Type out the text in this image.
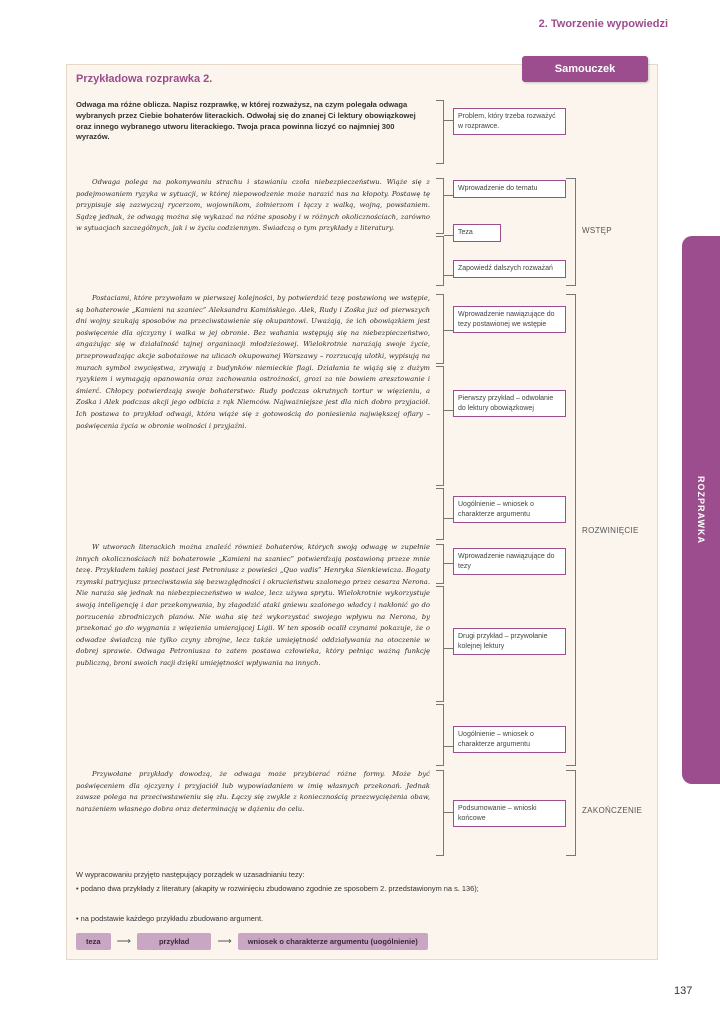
2. Tworzenie wypowiedzi
ROZPRAWKA
Samouczek
Przykładowa rozprawka 2.
Odwaga ma różne oblicza. Napisz rozprawkę, w której rozważysz, na czym polegała odwaga wybranych przez Ciebie bohaterów literackich. Odwołaj się do znanej Ci lektury obowiązkowej oraz innego wybranego utworu literackiego. Twoja praca powinna liczyć co najmniej 300 wyrazów.
Odwaga polega na pokonywaniu strachu i stawianiu czoła niebezpieczeństwu. Wiąże się z podejmowaniem ryzyka w sytuacji, w której niepowodzenie może narazić nas na kłopoty. Postawę tę przypisuje się zazwyczaj rycerzom, wojownikom, żołnierzom i łączy z walką, wojną, powstaniem. Sądzę jednak, że odwagą można się wykazać na różne sposoby i w różnych okolicznościach, zarówno w sytuacjach szczególnych, jak i w życiu codziennym. Świadczą o tym przykłady z literatury.
Postaciami, które przywołam w pierwszej kolejności, by potwierdzić tezę postawioną we wstępie, są bohaterowie „Kamieni na szaniec” Aleksandra Kamińskiego. Alek, Rudy i Zośka już od pierwszych dni wojny szukają sposobów na przeciwstawienie się okupantowi. Uważają, że ich obowiązkiem jest poświęcenie dla ojczyzny i walka w jej obronie. Bez wahania wstępują się na niebezpieczeństwo, angażując się w działalność tajnej organizacji młodzieżowej. Wielokrotnie narażają swoje życie, przeprowadzając akcje sabotażowe na ulicach okupowanej Warszawy – rozrzucają ulotki, wypisują na murach symbol zwycięstwa, zrywają z budynków niemieckie flagi. Działania te wiążą się z dużym ryzykiem i wymagają opanowania oraz zachowania ostrożności, grozi za nie bowiem aresztowanie i śmierć. Chłopcy potwierdzają swoje bohaterstwo: Rudy podczas okrutnych tortur w więzieniu, a Zośka i Alek podczas akcji jego odbicia z rąk Niemców. Najważniejsze jest dla nich dobro przyjaciół. Ich postawa to przykład odwagi, która wiąże się z gotowością do poniesienia największej ofiary – poświęcenia życia w obronie wolności i przyjaźni.
W utworach literackich można znaleźć również bohaterów, których swoją odwagę w zupełnie innych okolicznościach niż bohaterowie „Kamieni na szaniec” potwierdzają postawioną przeze mnie tezę. Przykładem takiej postaci jest Petroniusz z powieści „Quo vadis” Henryka Sienkiewicza. Bogaty rzymski patrycjusz przeciwstawia się bezwzględności i okrucieństwu szalonego przez cesarza Nerona. Nie naraża się jednak na niebezpieczeństwo w walce, lecz używa sprytu. Wielokrotnie wykorzystuje swoją inteligencję i dar przekonywania, by złagodzić ataki gniewu szalonego władcy i nakłonić go do porzucenia zbrodniczych planów. Nie waha się też wykorzystać swojego wpływu na Nerona, by przekonać go do wygnania z więzienia umierającej Ligii. W ten sposób ocalił czynami pokazuje, że o odwadze świadczą nie tylko czyny zbrojne, lecz także umiejętność oddziaływania na otoczenie w dobrej sprawie. Odwaga Petroniusza to zatem postawa człowieka, który pełniąc ważną funkcję publiczną, broni swoich racji dzięki umiejętności wpływania na innych.
Przywołane przykłady dowodzą, że odwaga może przybierać różne formy. Może być poświęceniem dla ojczyzny i przyjaciół lub wypowiadaniem w imię własnych przekonań. Jednak zawsze polega na przeciwstawieniu się złu. Łączy się zwykle z koniecznością przezwyciężenia obaw, narażeniem własnego dobra oraz determinacją w dążeniu do celu.
Problem, który trzeba rozważyć w rozprawce.
Wprowadzenie do tematu
Teza
Zapowiedź dalszych rozważań
Wprowadzenie nawiązujące do tezy postawionej we wstępie
Pierwszy przykład – odwołanie do lektury obowiązkowej
Uogólnienie – wniosek o charakterze argumentu
Wprowadzenie nawiązujące do tezy
Drugi przykład – przywołanie kolejnej lektury
Uogólnienie – wniosek o charakterze argumentu
Podsumowanie – wnioski końcowe
WSTĘP
ROZWINIĘCIE
ZAKOŃCZENIE
W wypracowaniu przyjęto następujący porządek w uzasadnianiu tezy:
• podano dwa przykłady z literatury (akapity w rozwinięciu zbudowano zgodnie ze sposobem 2. przedstawionym na s. 136);
• na podstawie każdego przykładu zbudowano argument.
teza	⟶	przykład	⟶	wniosek o charakterze argumentu (uogólnienie)
137
